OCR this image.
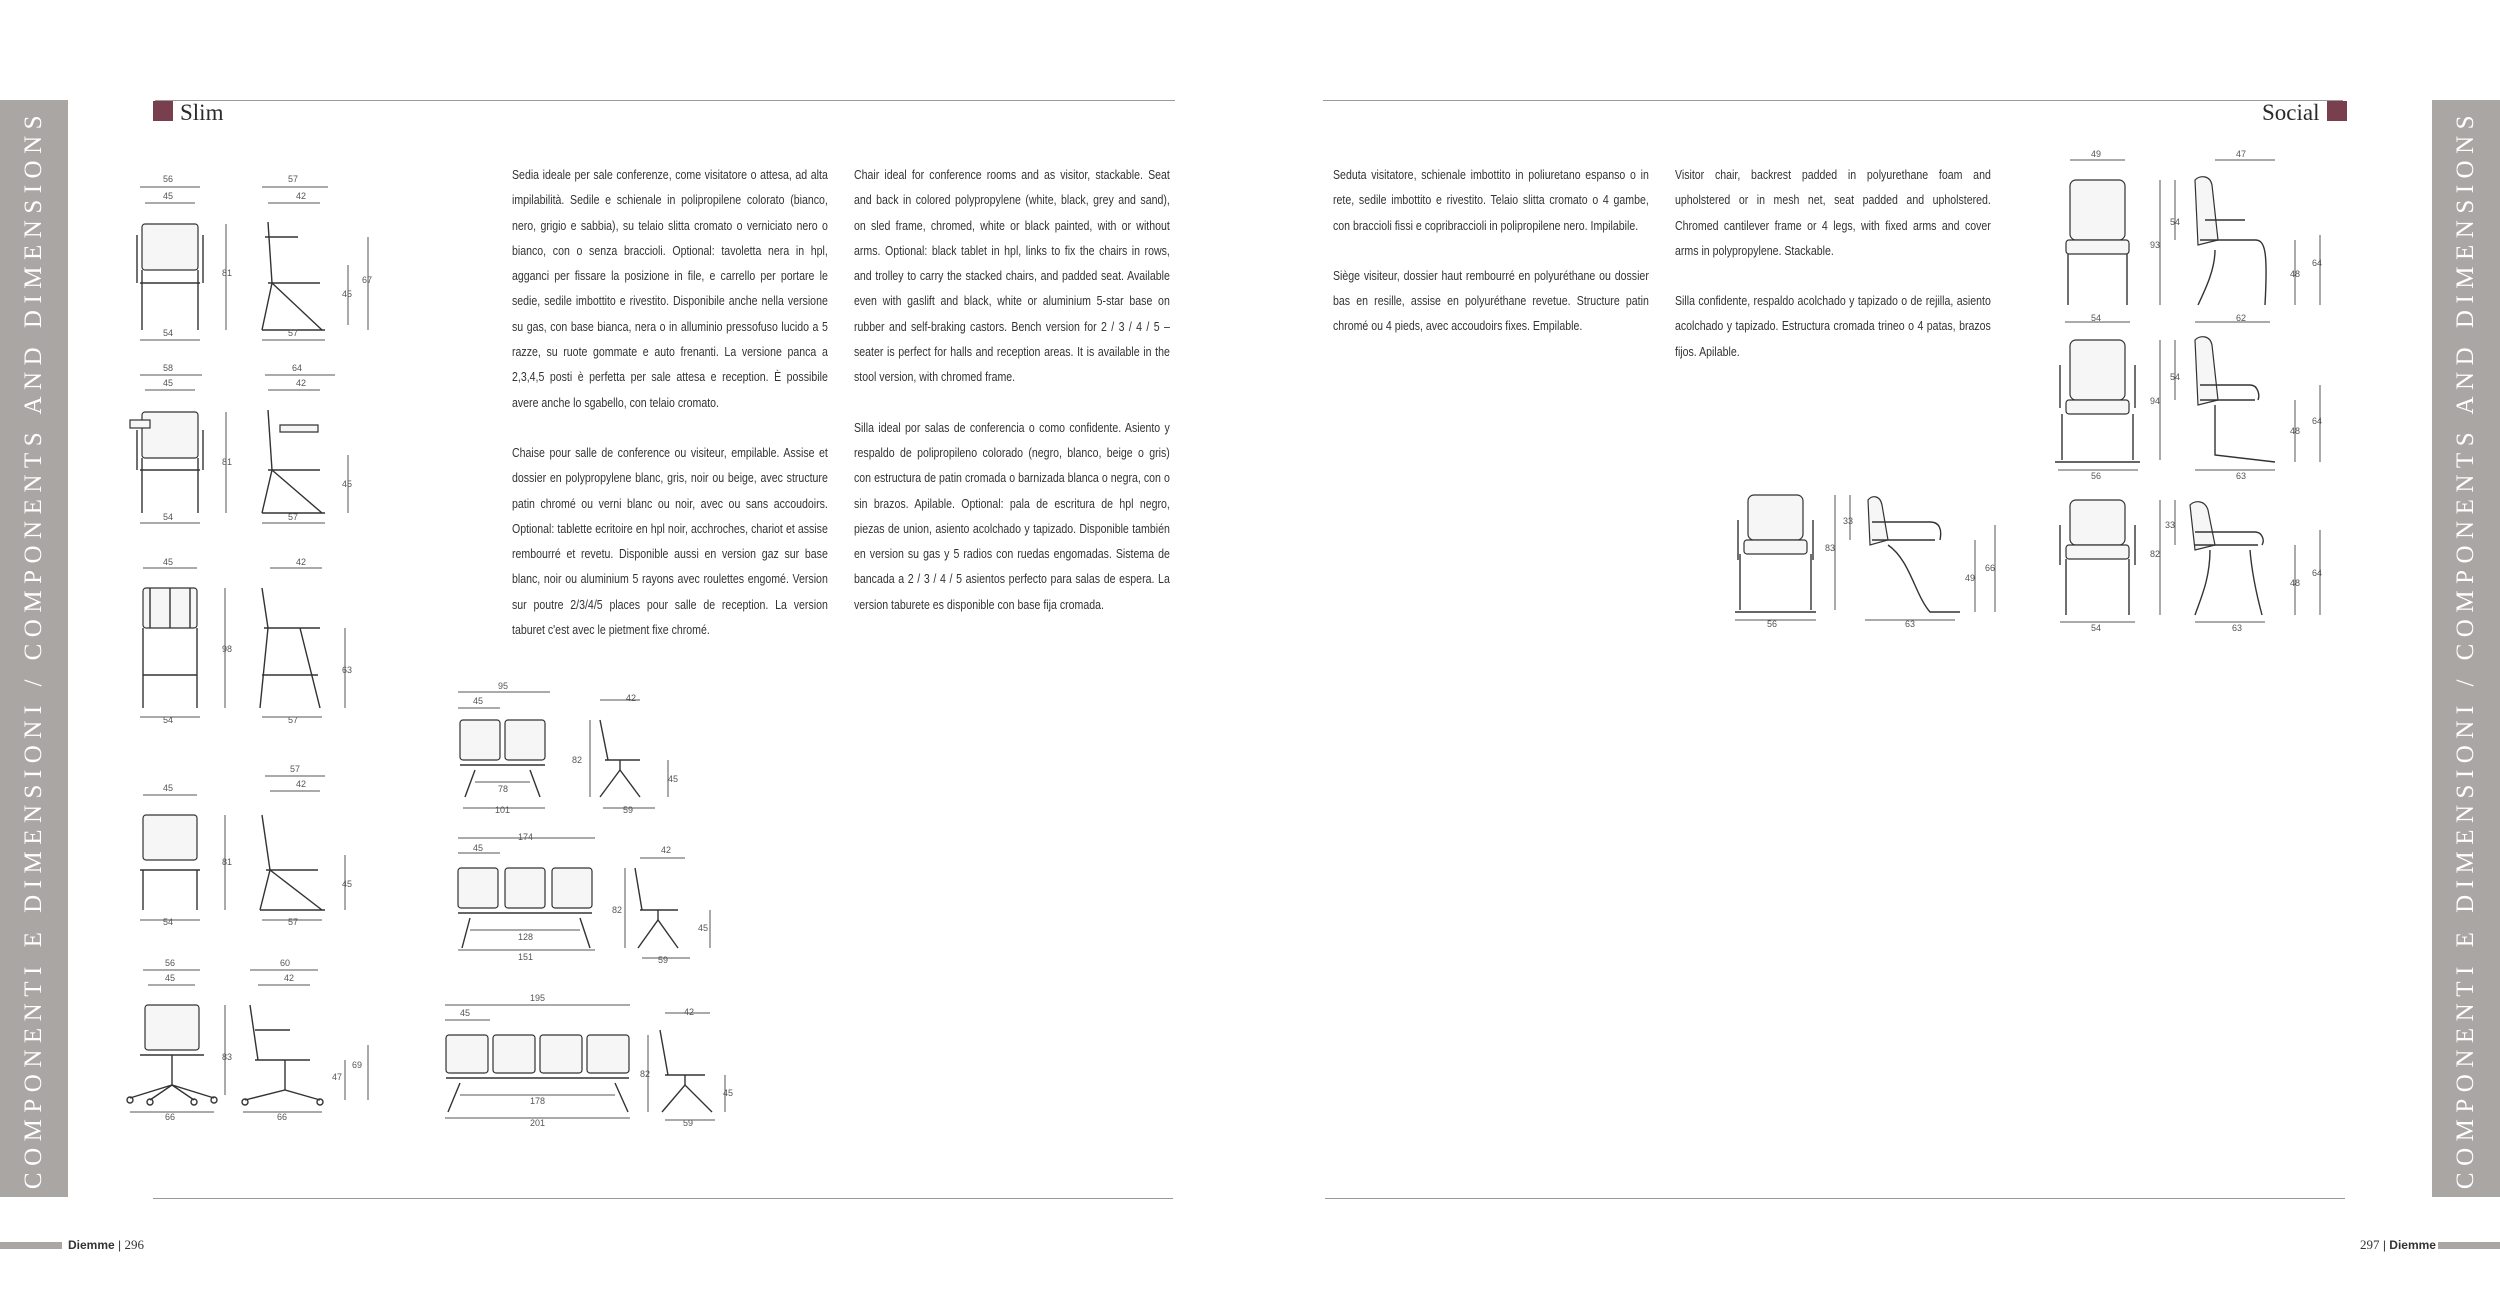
COMPONENTI E DIMENSIONI / COMPONENTS AND DIMENSIONS	COMPONENTI E DIMENSIONI / COMPONENTS AND DIMENSIONS
Slim	Social

Sedia ideale per sale conferenze, come visitatore o attesa, ad alta impilabilità. Sedile e schienale in polipropilene colorato (bianco, nero, grigio e sabbia), su telaio slitta cromato o verniciato nero o bianco, con o senza braccioli. Optional: tavoletta nera in hpl, agganci per fissare la posizione in file, e carrello per portare le sedie, sedile imbottito e rivestito. Disponibile anche nella versione su gas, con base bianca, nera o in alluminio pressofuso lucido a 5 razze, su ruote gommate e auto frenanti. La versione panca a 2,3,4,5 posti è perfetta per sale attesa e reception. È possibile avere anche lo sgabello, con telaio cromato.

Chaise pour salle de conference ou visiteur, empilable. Assise et dossier en polypropylene blanc, gris, noir ou beige, avec structure patin chromé ou verni blanc ou noir, avec ou sans accoudoirs. Optional: tablette ecritoire en hpl noir, acchroches, chariot et assise rembourré et revetu. Disponible aussi en version gaz sur base blanc, noir ou aluminium 5 rayons avec roulettes engomé. Version sur poutre 2/3/4/5 places pour salle de reception. La version taburet c'est avec le pietment fixe chromé.

Chair ideal for conference rooms and as visitor, stackable. Seat and back in colored polypropylene (white, black, grey and sand), on sled frame, chromed, white or black painted, with or without arms. Optional: black tablet in hpl, links to fix the chairs in rows, and trolley to carry the stacked chairs, and padded seat. Available even with gaslift and black, white or aluminium 5-star base on rubber and self-braking castors. Bench version for 2 / 3 / 4 / 5 – seater is perfect for halls and reception areas. It is available in the stool version, with chromed frame.

Silla ideal por salas de conferencia o como confidente. Asiento y respaldo de polipropileno colorado (negro, blanco, beige o gris) con estructura de patin cromada o barnizada blanca o negra, con o sin brazos. Apilable. Optional: pala de escritura de hpl negro, piezas de union, asiento acolchado y tapizado. Disponible también en version su gas y 5 radios con ruedas engomadas. Sistema de bancada a 2 / 3 / 4 / 5 asientos perfecto para salas de espera. La version taburete es disponible con base fija cromada.

Seduta visitatore, schienale imbottito in poliuretano espanso o in rete, sedile imbottito e rivestito. Telaio slitta cromato o 4 gambe, con braccioli fissi e copribraccioli in polipropilene nero. Impilabile.

Siège visiteur, dossier haut rembourré en polyuréthane ou dossier bas en resille, assise en polyuréthane revetue. Structure patin chromé ou 4 pieds, avec accoudoirs fixes. Empilable.

Visitor chair, backrest padded in polyurethane foam and upholstered or in mesh net, seat padded and upholstered. Chromed cantilever frame or 4 legs, with fixed arms and cover arms in polypropylene. Stackable.

Silla confidente, respaldo acolchado y tapizado o de rejilla, asiento acolchado y tapizado. Estructura cromada trineo o 4 patas, brazos fijos. Apilable.

56
45
81
54
57
42
67
45
57
58
45
81
54
64
42
45
57
45
98
54
42
63
57
45
81
54
57
42
45
57
56
45
83
66
60
42
69
47
66
95
45
78
101
82
42
45
59
45
82
128
151
42
45
59
174
195
45
178
201
82
42
45
59
49
93
54
54
47
64
48
62
94
54
56
64
48
63
83
33
56
66
49
63
82
33
54
64
48
63
Diemme | 296	297 | Diemme
